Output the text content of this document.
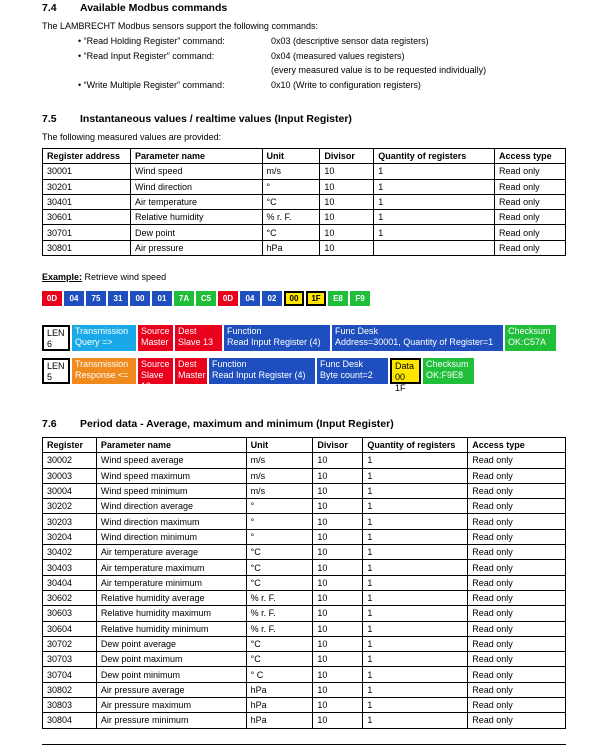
7.4 Available Modbus commands
The LAMBRECHT Modbus sensors support the following commands:
• “Read Holding Register” command:	0x03 (descriptive sensor data registers)
• “Read Input Register” command:	0x04 (measured values registers)
(every measured value is to be requested individually)
• “Write Multiple Register” command:	0x10 (Write to configuration registers)
7.5 Instantaneous values / realtime values (Input Register)
The following measured values are provided:
Register address	Parameter name	Unit	Divisor	Quantity of registers	Access type
30001	Wind speed	m/s	10	1	Read only
30201	Wind direction	°	10	1	Read only
30401	Air temperature	°C	10	1	Read only
30601	Relative humidity	% r. F.	10	1	Read only
30701	Dew point	°C	10	1	Read only
30801	Air pressure	hPa	10		Read only
Example: Retrieve wind speed
0D	04	75	31	00	01	7A	C5	0D	04	02	00	1F	E8	F9
LEN
6
Transmission
Query =>
Source
Master
Dest
Slave 13
Function
Read Input Register (4)
Func Desk
Address=30001, Quantity of Register=1
Checksum
OK:C57A
LEN
5
Transmission
Response <=
Source
Slave 13
Dest
Master
Function
Read Input Register (4)
Func Desk
Byte count=2
Data
00 1F
Checksum
OK:F9E8
7.6 Period data - Average, maximum and minimum (Input Register)
Register	Parameter name	Unit	Divisor	Quantity of registers	Access type
30002	Wind speed average	m/s	10	1	Read only
30003	Wind speed maximum	m/s	10	1	Read only
30004	Wind speed minimum	m/s	10	1	Read only
30202	Wind direction average	°	10	1	Read only
30203	Wind direction maximum	°	10	1	Read only
30204	Wind direction minimum	°	10	1	Read only
30402	Air temperature average	°C	10	1	Read only
30403	Air temperature maximum	°C	10	1	Read only
30404	Air temperature minimum	°C	10	1	Read only
30602	Relative humidity average	% r. F.	10	1	Read only
30603	Relative humidity maximum	% r. F.	10	1	Read only
30604	Relative humidity minimum	% r. F.	10	1	Read only
30702	Dew point average	°C	10	1	Read only
30703	Dew point maximum	°C	10	1	Read only
30704	Dew point minimum	° C	10	1	Read only
30802	Air pressure average	hPa	10	1	Read only
30803	Air pressure maximum	hPa	10	1	Read only
30804	Air pressure minimum	hPa	10	1	Read only
